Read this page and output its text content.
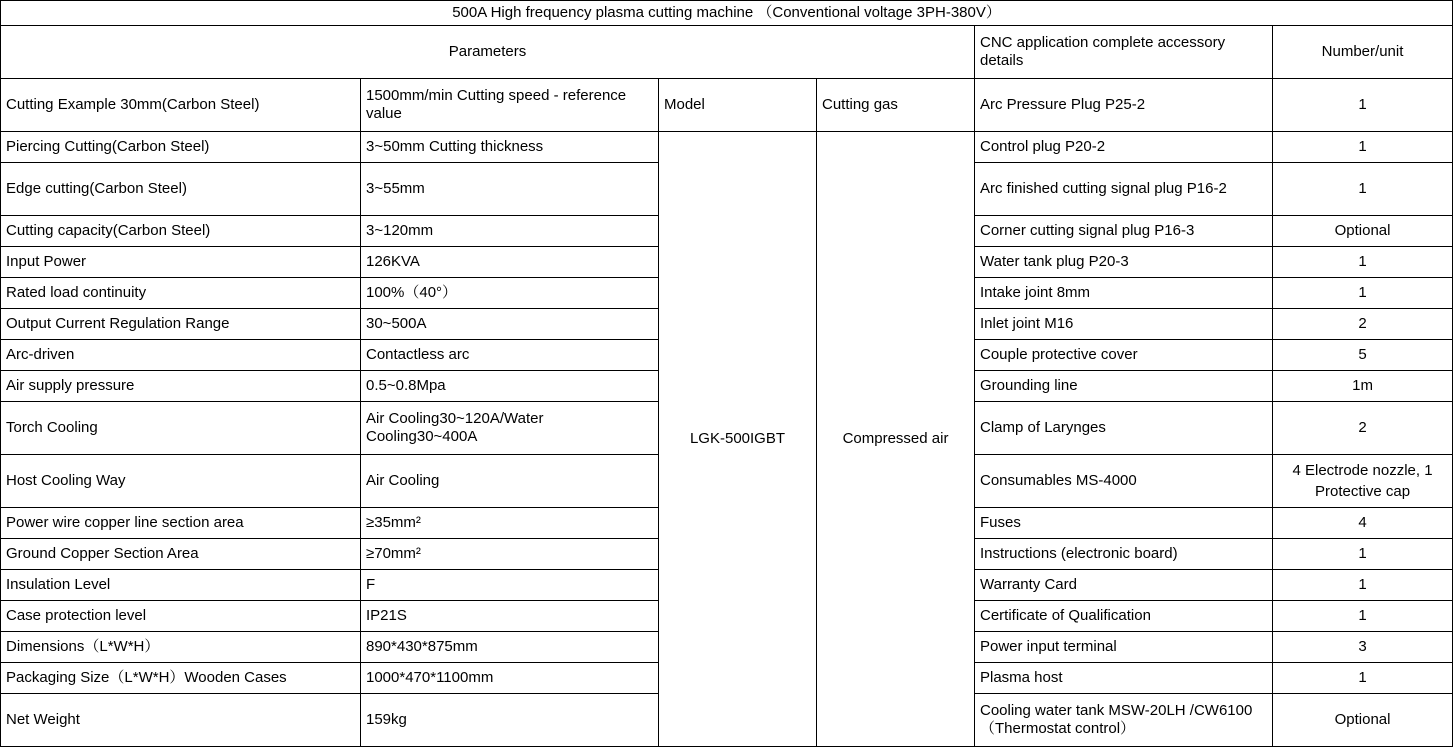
500A High frequency plasma cutting machine （Conventional voltage 3PH-380V）					
Parameters				CNC application complete accessory details	Number/unit
Cutting Example 30mm(Carbon Steel)	1500mm/min Cutting speed - reference value	Model	Cutting gas	Arc Pressure Plug P25-2	1
Piercing Cutting(Carbon Steel)	3~50mm Cutting thickness	LGK-500IGBT	Compressed air	Control plug P20-2	1
Edge cutting(Carbon Steel)	3~55mm			Arc finished cutting signal plug P16-2	1
Cutting capacity(Carbon Steel)	3~120mm			Corner cutting signal plug P16-3	Optional
Input Power	126KVA			Water tank plug P20-3	1
Rated load continuity	100%（40°）			Intake joint 8mm	1
Output Current Regulation Range	30~500A			Inlet joint M16	2
Arc-driven	Contactless arc			Couple protective cover	5
Air supply pressure	0.5~0.8Mpa			Grounding line	1m
Torch Cooling	Air Cooling30~120A/Water Cooling30~400A			Clamp of Larynges	2
Host Cooling Way	Air Cooling			Consumables MS-4000	4 Electrode nozzle, 1 Protective cap

Power wire copper line section area	≥35mm²			Fuses	4
Ground Copper Section Area	≥70mm²			Instructions (electronic board)	1
Insulation Level	F			Warranty Card	1
Case protection level	IP21S			Certificate of Qualification	1
Dimensions（L*W*H）	890*430*875mm			Power input terminal	3
Packaging Size（L*W*H）Wooden Cases	1000*470*1100mm			Plasma host	1
Net Weight	159kg			Cooling water tank MSW-20LH /CW6100（Thermostat control）	Optional
